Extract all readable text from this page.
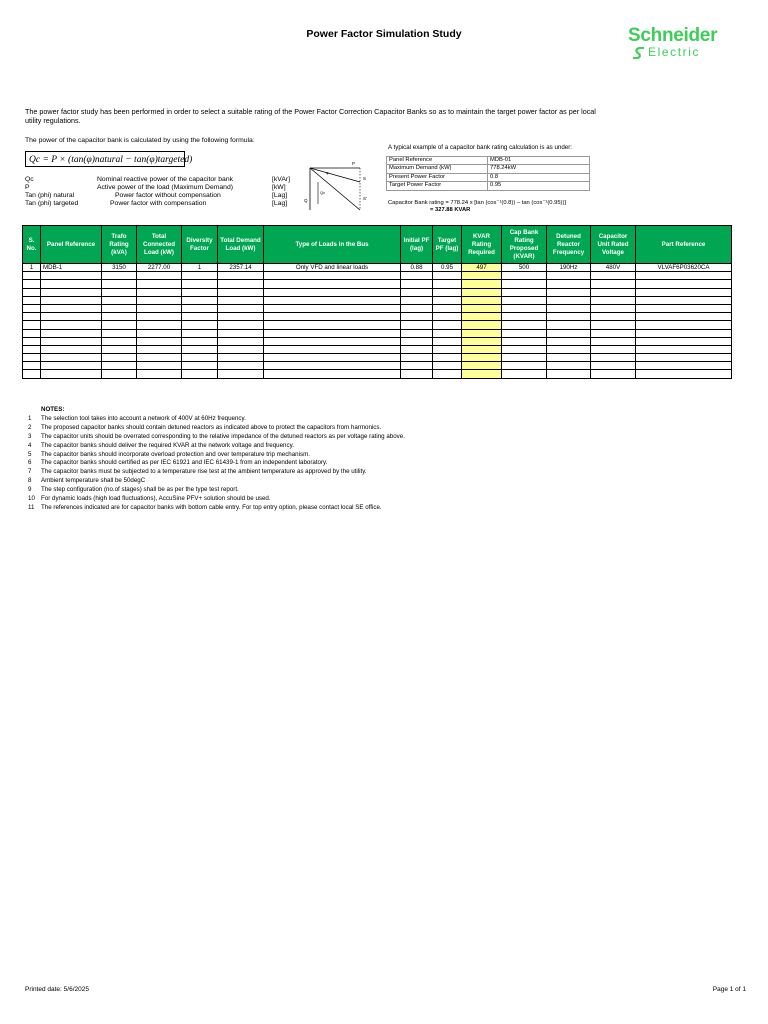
Power Factor Simulation Study	Schneider
Electric
The power factor study has been performed in order to select a suitable rating of the Power Factor Correction Capacitor Banks so as to maintain the target power factor as per local utility regulations.
The power of the capacitor bank is calculated by using the following formula:
Qc = P × (tan(φ)natural − tan(φ)targeted)
Qc	Nominal reactive power of the capacitor bank	[kVAr]
P	Active power of the load (Maximum Demand)	[kW]
Tan (phi) natural	Power factor without compensation	[Lag]
Tan (phi) targeted	Power factor with compensation	[Lag]
P
S
S'
Q
Qc
φ
A typical example of a capacitor bank rating calculation is as under:
Panel Reference	MDB-01
Maximum Demand (kW)	778.24kW
Present Power Factor	0.8
Target Power Factor	0.95
Capacitor Bank rating = 778.24 x [tan (cos⁻¹(0.8)) – tan (cos⁻¹(0.95))]
= 327.88 KVAR
S. No.	Panel Reference	Trafo Rating (kVA)	Total Connected Load (kW)	Diversity Factor	Total Demand Load (kW)	Type of Loads in the Bus	Initial PF (lag)	Target PF (lag)	KVAR Rating Required	Cap Bank Rating Proposed (KVAR)	Detuned Reactor Frequency	Capacitor Unit Rated Voltage	Part Reference
1	MDB-1	3150	2277.00	1	2357.14	Only VFD and linear loads	0.88	0.95	497	500	190Hz	480V	VLVAF6P03620CA

NOTES:
1 The selection tool takes into account a network of 400V at 60Hz frequency.
2 The proposed capacitor banks should contain detuned reactors as indicated above to protect the capacitors from harmonics.
3 The capacitor units should be overrated corresponding to the relative impedance of the detuned reactors as per voltage rating above.
4 The capacitor banks should deliver the required KVAR at the network voltage and frequency.
5 The capacitor banks should incorporate overload protection and over temperature trip mechanism.
6 The capacitor banks should certified as per IEC 61921 and IEC 61439-1 from an independent laboratory.
7 The capacitor banks must be subjected to a temperature rise test at the ambient temperature as approved by the utility.
8 Ambient temperature shall be 50degC
9 The step configuration (no.of stages) shall be as per the type test report.
10 For dynamic loads (high load fluctuations), AccuSine PFV+ solution should be used.
11 The references indicated are for capacitor banks with bottom cable entry. For top entry option, please contact local SE office.
Printed date: 5/6/2025	Page 1 of 1
